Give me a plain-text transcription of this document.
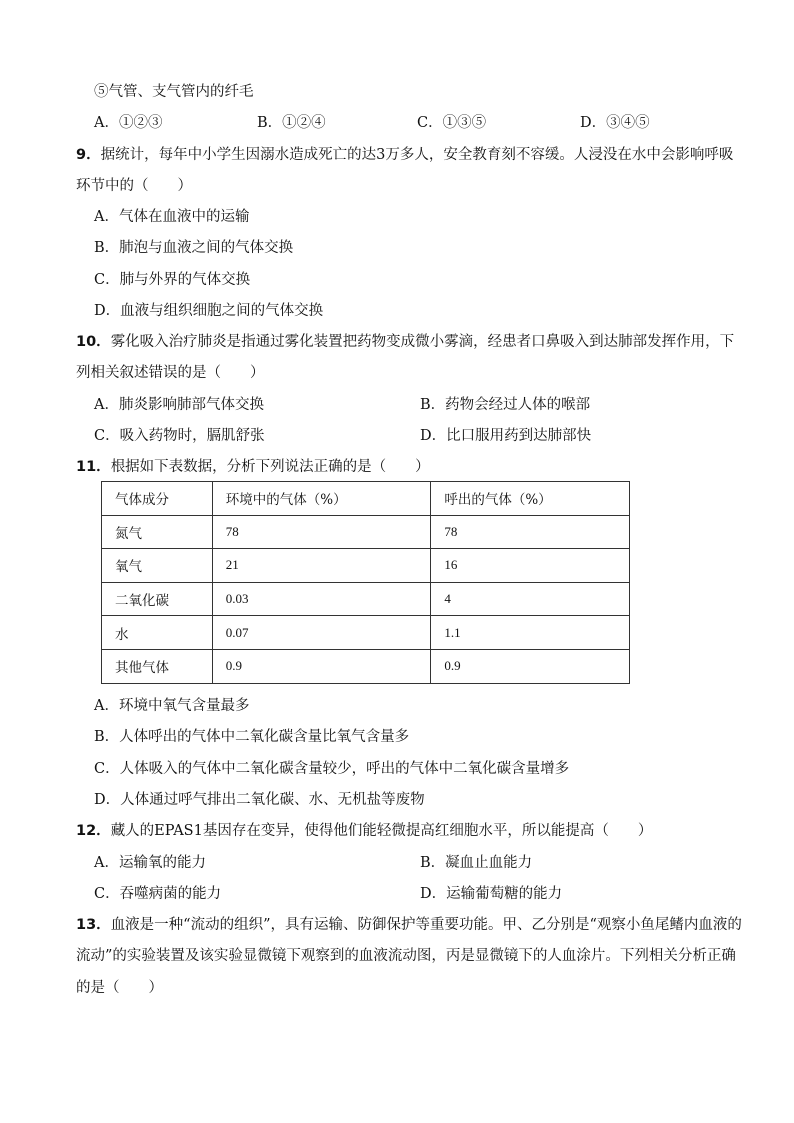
⑤气管、支气管内的纤毛
A．①②③	B．①②④	C．①③⑤	D．③④⑤
9．据统计，每年中小学生因溺水造成死亡的达3万多人，安全教育刻不容缓。人浸没在水中会影响呼吸
环节中的（　　）
A．气体在血液中的运输
B．肺泡与血液之间的气体交换
C．肺与外界的气体交换
D．血液与组织细胞之间的气体交换
10．雾化吸入治疗肺炎是指通过雾化装置把药物变成微小雾滴，经患者口鼻吸入到达肺部发挥作用，下
列相关叙述错误的是（　　）
A．肺炎影响肺部气体交换	B．药物会经过人体的喉部
C．吸入药物时，膈肌舒张	D．比口服用药到达肺部快
11．根据如下表数据，分析下列说法正确的是（　　）
气体成分	环境中的气体（%）	呼出的气体（%）
氮气	78	78
氧气	21	16
二氧化碳	0.03	4
水	0.07	1.1
其他气体	0.9	0.9
A．环境中氧气含量最多
B．人体呼出的气体中二氧化碳含量比氧气含量多
C．人体吸入的气体中二氧化碳含量较少，呼出的气体中二氧化碳含量增多
D．人体通过呼气排出二氧化碳、水、无机盐等废物
12．藏人的EPAS1基因存在变异，使得他们能轻微提高红细胞水平，所以能提高（　　）
A．运输氧的能力	B．凝血止血能力
C．吞噬病菌的能力	D．运输葡萄糖的能力
13．血液是一种“流动的组织”，具有运输、防御保护等重要功能。甲、乙分别是“观察小鱼尾鳍内血液的
流动”的实验装置及该实验显微镜下观察到的血液流动图，丙是显微镜下的人血涂片。下列相关分析正确
的是（　　）
